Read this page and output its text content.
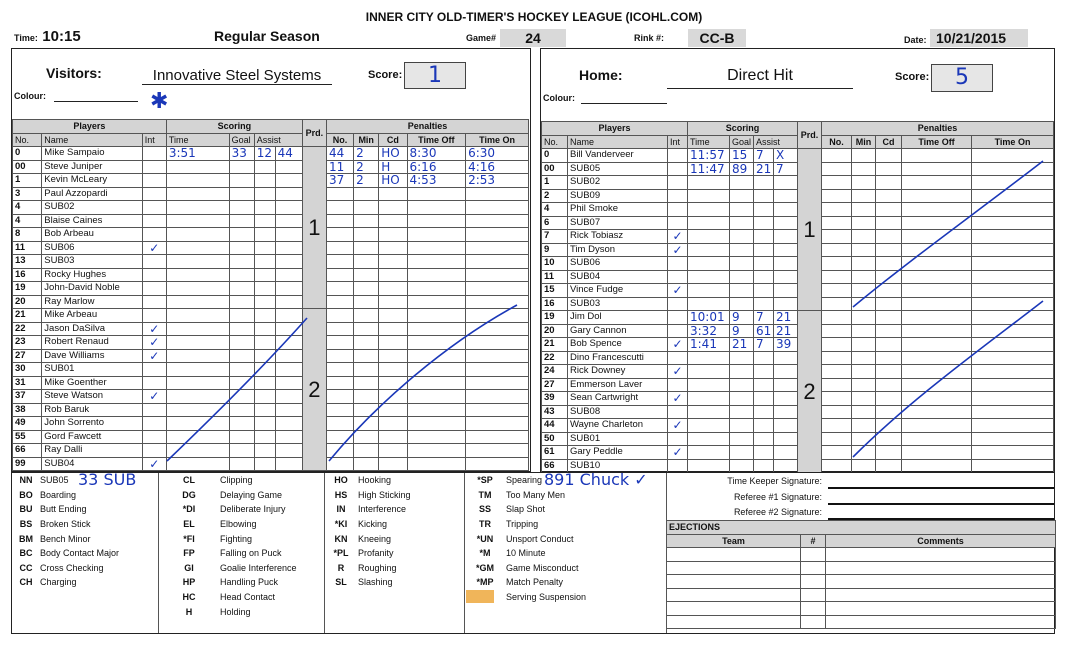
INNER CITY OLD-TIMER'S HOCKEY LEAGUE (ICOHL.COM)
Time: 10:15	Regular Season	Game#	24	Rink #:	CC-B	Date: 10/21/2015
Visitors:	Innovative Steel Systems	Score:	1
Colour:	✱
Players			Scoring				Prd.	Penalties				
No.	Name	Int	Time	Goal	Assist			No.	Min	Cd	Time Off	Time On
0	Mike Sampaio		3:51	33	12	44	1	44	2	HO	8:30	6:30
00	Steve Juniper							11	2	H	6:16	4:16
1	Kevin McLeary							37	2	HO	4:53	2:53
3	Paul Azzopardi											
4	SUB02											
4	Blaise Caines											
8	Bob Arbeau											
11	SUB06	✓										
13	SUB03											
16	Rocky Hughes											
19	John-David Noble											
20	Ray Marlow											
21	Mike Arbeau						2					
22	Jason DaSilva	✓										
23	Robert Renaud	✓										
27	Dave Williams	✓										
30	SUB01											
31	Mike Goenther											
37	Steve Watson	✓										
38	Rob Baruk											
49	John Sorrento											
55	Gord Fawcett											
66	Ray Dalli											
99	SUB04	✓										
Home:	Direct Hit	Score:	5
Colour:
Players			Scoring				Prd.	Penalties				
No.	Name	Int	Time	Goal	Assist			No.	Min	Cd	Time Off	Time On
0	Bill Vanderveer		11:57	15	7	X	1					
00	SUB05		11:47	89	21	7						
1	SUB02											
2	SUB09											
4	Phil Smoke											
6	SUB07											
7	Rick Tobiasz	✓										
9	Tim Dyson	✓										
10	SUB06											
11	SUB04											
15	Vince Fudge	✓										
16	SUB03											
19	Jim Dol		10:01	9	7	21	2					
20	Gary Cannon		3:32	9	61	21						
21	Bob Spence	✓	1:41	21	7	39						
22	Dino Francescutti											
24	Rick Downey	✓										
27	Emmerson Laver											
39	Sean Cartwright	✓										
43	SUB08											
44	Wayne Charleton	✓										
50	SUB01											
61	Gary Peddle	✓										
66	SUB10											
NN	SUB05	CL	Clipping	HO	Hooking	*SP	Spearing
BO	Boarding	DG	Delaying Game	HS	High Sticking	TM	Too Many Men
BU	Butt Ending	*DI	Deliberate Injury	IN	Interference	SS	Slap Shot
BS	Broken Stick	EL	Elbowing	*KI	Kicking	TR	Tripping
BM	Bench Minor	*FI	Fighting	KN	Kneeing	*UN	Unsport Conduct
BC	Body Contact Major	FP	Falling on Puck	*PL	Profanity	*M	10 Minute
CC	Cross Checking	GI	Goalie Interference	R	Roughing	*GM	Game Misconduct
CH	Charging	HP	Handling Puck	SL	Slashing	*MP	Match Penalty
		HC	Head Contact				Serving Suspension
		H	Holding				
33 SUB	891 Chuck ✓	Time Keeper Signature:
Referee #1 Signature:
Referee #2 Signature:
EJECTIONS		
Team	#	Comments
